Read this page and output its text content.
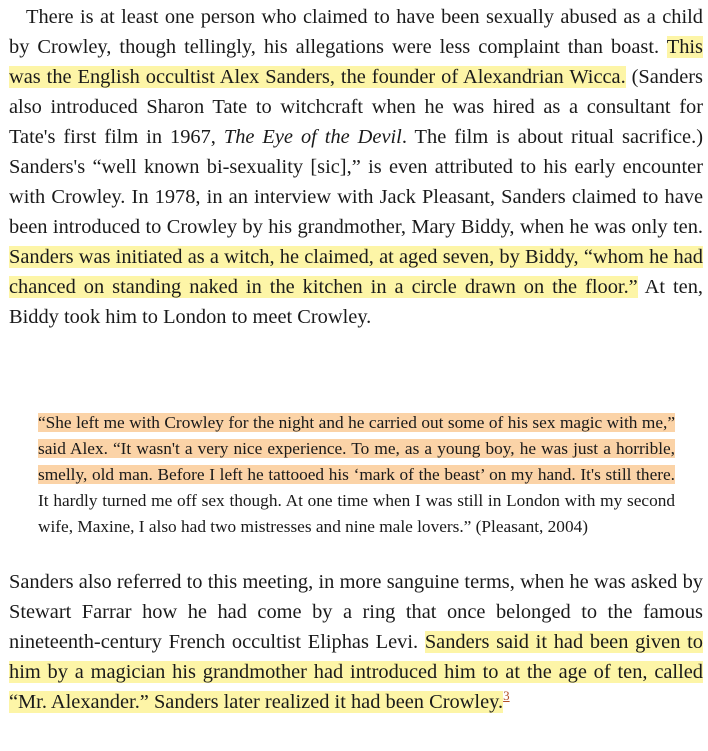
There is at least one person who claimed to have been sexually abused as a child by Crowley, though tellingly, his allegations were less complaint than boast. This was the English occultist Alex Sanders, the founder of Alexandrian Wicca. (Sanders also introduced Sharon Tate to witchcraft when he was hired as a consultant for Tate's first film in 1967, The Eye of the Devil. The film is about ritual sacrifice.) Sanders's “well known bi-sexuality [sic],” is even attributed to his early encounter with Crowley. In 1978, in an interview with Jack Pleasant, Sanders claimed to have been introduced to Crowley by his grandmother, Mary Biddy, when he was only ten. Sanders was initiated as a witch, he claimed, at aged seven, by Biddy, “whom he had chanced on standing naked in the kitchen in a circle drawn on the floor.” At ten, Biddy took him to London to meet Crowley.

“She left me with Crowley for the night and he carried out some of his sex magic with me,” said Alex. “It wasn't a very nice experience. To me, as a young boy, he was just a horrible, smelly, old man. Before I left he tattooed his ‘mark of the beast’ on my hand. It's still there. It hardly turned me off sex though. At one time when I was still in London with my second wife, Maxine, I also had two mistresses and nine male lovers.” (Pleasant, 2004)

Sanders also referred to this meeting, in more sanguine terms, when he was asked by Stewart Farrar how he had come by a ring that once belonged to the famous nineteenth-century French occultist Eliphas Levi. Sanders said it had been given to him by a magician his grandmother had introduced him to at the age of ten, called “Mr. Alexander.” Sanders later realized it had been Crowley.$^3$
